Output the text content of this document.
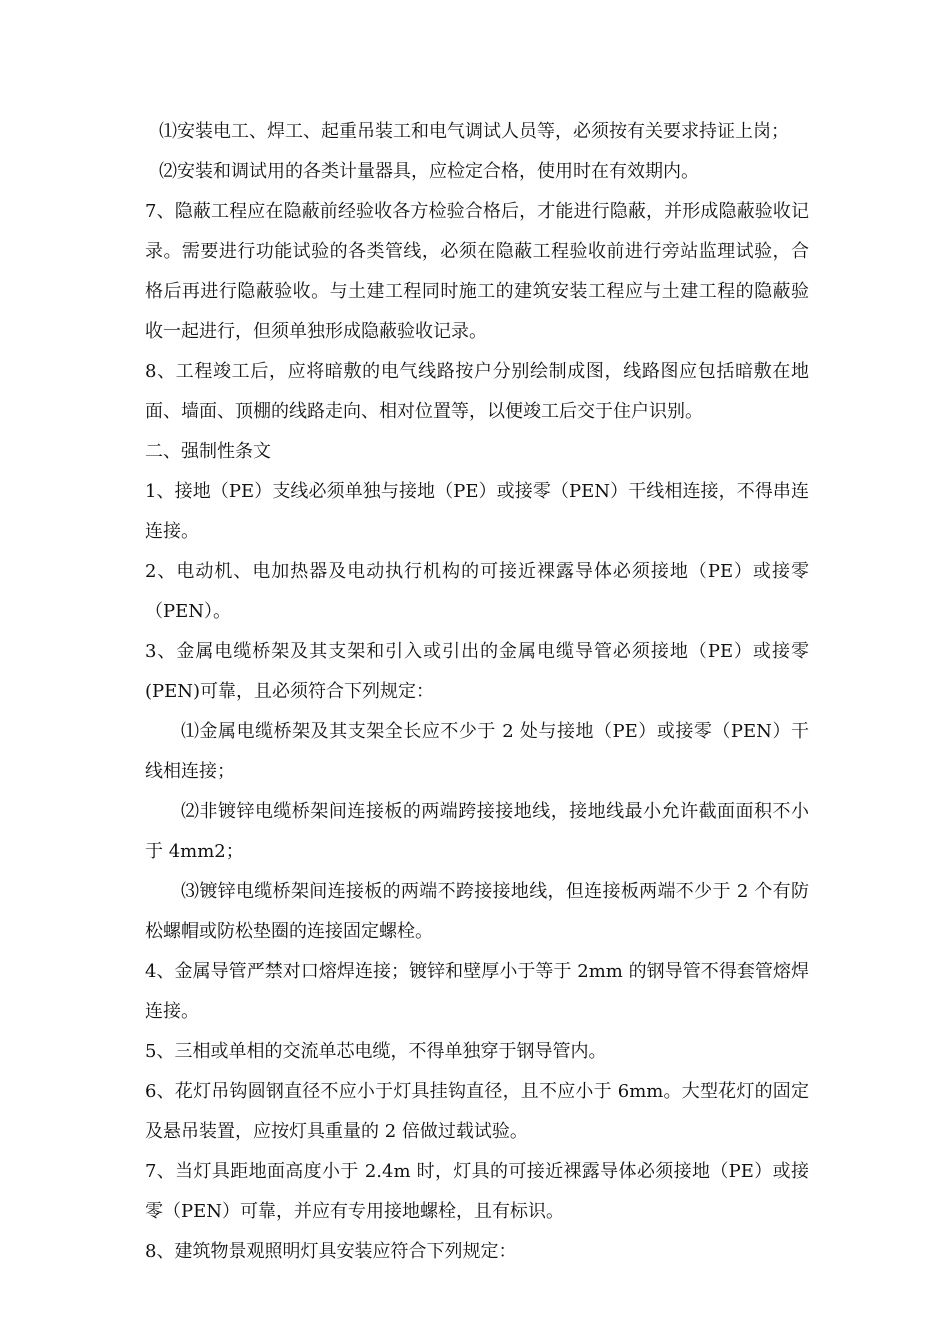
⑴安装电工、焊工、起重吊装工和电气调试人员等，必须按有关要求持证上岗；

⑵安装和调试用的各类计量器具，应检定合格，使用时在有效期内。

7、隐蔽工程应在隐蔽前经验收各方检验合格后，才能进行隐蔽，并形成隐蔽验收记录。需要进行功能试验的各类管线，必须在隐蔽工程验收前进行旁站监理试验，合格后再进行隐蔽验收。与土建工程同时施工的建筑安装工程应与土建工程的隐蔽验收一起进行，但须单独形成隐蔽验收记录。

8、工程竣工后，应将暗敷的电气线路按户分别绘制成图，线路图应包括暗敷在地面、墙面、顶棚的线路走向、相对位置等，以便竣工后交于住户识别。

二、强制性条文

1、接地（PE）支线必须单独与接地（PE）或接零（PEN）干线相连接，不得串连连接。

2、电动机、电加热器及电动执行机构的可接近裸露导体必须接地（PE）或接零（PEN）。

3、金属电缆桥架及其支架和引入或引出的金属电缆导管必须接地（PE）或接零(PEN)可靠，且必须符合下列规定：

⑴金属电缆桥架及其支架全长应不少于 2 处与接地（PE）或接零（PEN）干线相连接；

⑵非镀锌电缆桥架间连接板的两端跨接接地线，接地线最小允许截面面积不小于 4mm2；

⑶镀锌电缆桥架间连接板的两端不跨接接地线，但连接板两端不少于 2 个有防松螺帽或防松垫圈的连接固定螺栓。

4、金属导管严禁对口熔焊连接；镀锌和壁厚小于等于 2mm 的钢导管不得套管熔焊连接。

5、三相或单相的交流单芯电缆，不得单独穿于钢导管内。

6、花灯吊钩圆钢直径不应小于灯具挂钩直径，且不应小于 6mm。大型花灯的固定及悬吊装置，应按灯具重量的 2 倍做过载试验。

7、当灯具距地面高度小于 2.4m 时，灯具的可接近裸露导体必须接地（PE）或接零（PEN）可靠，并应有专用接地螺栓，且有标识。

8、建筑物景观照明灯具安装应符合下列规定：
